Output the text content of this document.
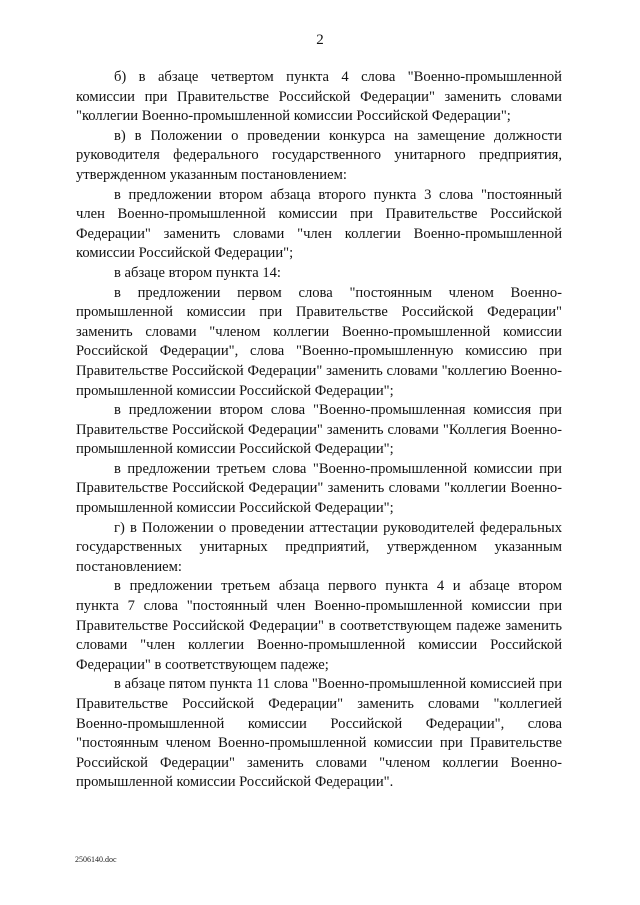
2

б) в абзаце четвертом пункта 4 слова "Военно-промышленной комиссии при Правительстве Российской Федерации" заменить словами "коллегии Военно-промышленной комиссии Российской Федерации";

в) в Положении о проведении конкурса на замещение должности руководителя федерального государственного унитарного предприятия, утвержденном указанным постановлением:

в предложении втором абзаца второго пункта 3 слова "постоянный член Военно-промышленной комиссии при Правительстве Российской Федерации" заменить словами "член коллегии Военно-промышленной комиссии Российской Федерации";

в абзаце втором пункта 14:

в предложении первом слова "постоянным членом Военно-промышленной комиссии при Правительстве Российской Федерации" заменить словами "членом коллегии Военно-промышленной комиссии Российской Федерации", слова "Военно-промышленную комиссию при Правительстве Российской Федерации" заменить словами "коллегию Военно-промышленной комиссии Российской Федерации";

в предложении втором слова "Военно-промышленная комиссия при Правительстве Российской Федерации" заменить словами "Коллегия Военно-промышленной комиссии Российской Федерации";

в предложении третьем слова "Военно-промышленной комиссии при Правительстве Российской Федерации" заменить словами "коллегии Военно-промышленной комиссии Российской Федерации";

г) в Положении о проведении аттестации руководителей федеральных государственных унитарных предприятий, утвержденном указанным постановлением:

в предложении третьем абзаца первого пункта 4 и абзаце втором пункта 7 слова "постоянный член Военно-промышленной комиссии при Правительстве Российской Федерации" в соответствующем падеже заменить словами "член коллегии Военно-промышленной комиссии Российской Федерации" в соответствующем падеже;

в абзаце пятом пункта 11 слова "Военно-промышленной комиссией при Правительстве Российской Федерации" заменить словами "коллегией Военно-промышленной комиссии Российской Федерации", слова "постоянным членом Военно-промышленной комиссии при Правительстве Российской Федерации" заменить словами "членом коллегии Военно-промышленной комиссии Российской Федерации".

2506140.doc
